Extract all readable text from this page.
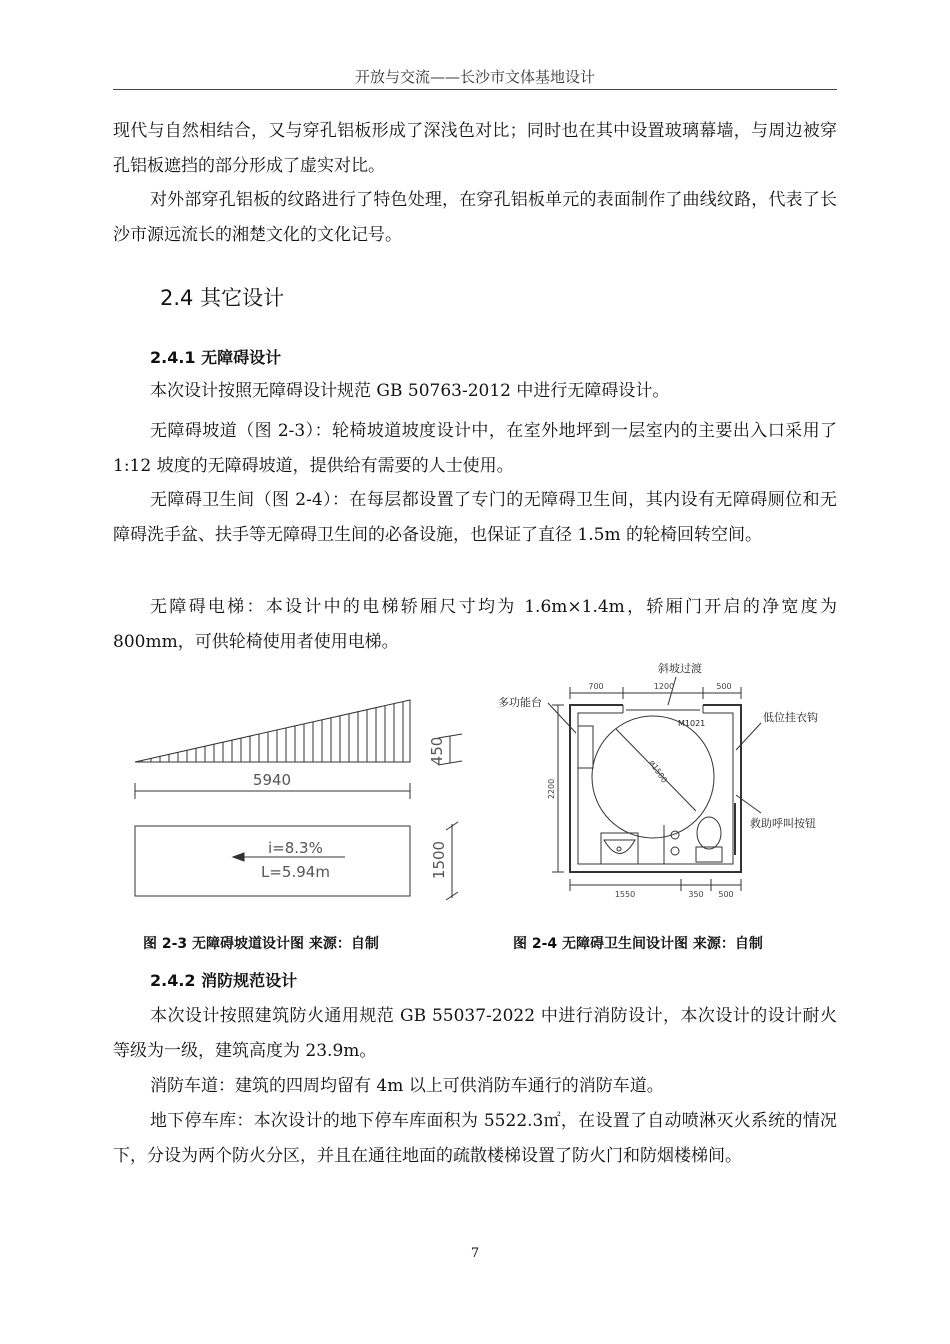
开放与交流——长沙市文体基地设计
现代与自然相结合，又与穿孔铝板形成了深浅色对比；同时也在其中设置玻璃幕墙，与周边被穿孔铝板遮挡的部分形成了虚实对比。
对外部穿孔铝板的纹路进行了特色处理，在穿孔铝板单元的表面制作了曲线纹路，代表了长沙市源远流长的湘楚文化的文化记号。
2.4 其它设计
2.4.1 无障碍设计
本次设计按照无障碍设计规范 GB 50763-2012 中进行无障碍设计。
无障碍坡道（图 2-3）：轮椅坡道坡度设计中，在室外地坪到一层室内的主要出入口采用了 1:12 坡度的无障碍坡道，提供给有需要的人士使用。
无障碍卫生间（图 2-4）：在每层都设置了专门的无障碍卫生间，其内设有无障碍厕位和无障碍洗手盆、扶手等无障碍卫生间的必备设施，也保证了直径 1.5m 的轮椅回转空间。
无障碍电梯：本设计中的电梯轿厢尺寸均为 1.6m×1.4m，轿厢门开启的净宽度为 800mm，可供轮椅使用者使用电梯。
5940
450
1500
i=8.3%
L=5.94m
多功能台
斜坡过渡
低位挂衣钩
救助呼叫按钮
M1021
ø1500
700	1200	500
2200
1550	350 500
图 2-3 无障碍坡道设计图 来源：自制	图 2-4 无障碍卫生间设计图 来源：自制
2.4.2 消防规范设计
本次设计按照建筑防火通用规范 GB 55037-2022 中进行消防设计，本次设计的设计耐火等级为一级，建筑高度为 23.9m。
消防车道：建筑的四周均留有 4m 以上可供消防车通行的消防车道。
地下停车库：本次设计的地下停车库面积为 5522.3㎡，在设置了自动喷淋灭火系统的情况下，分设为两个防火分区，并且在通往地面的疏散楼梯设置了防火门和防烟楼梯间。
7
